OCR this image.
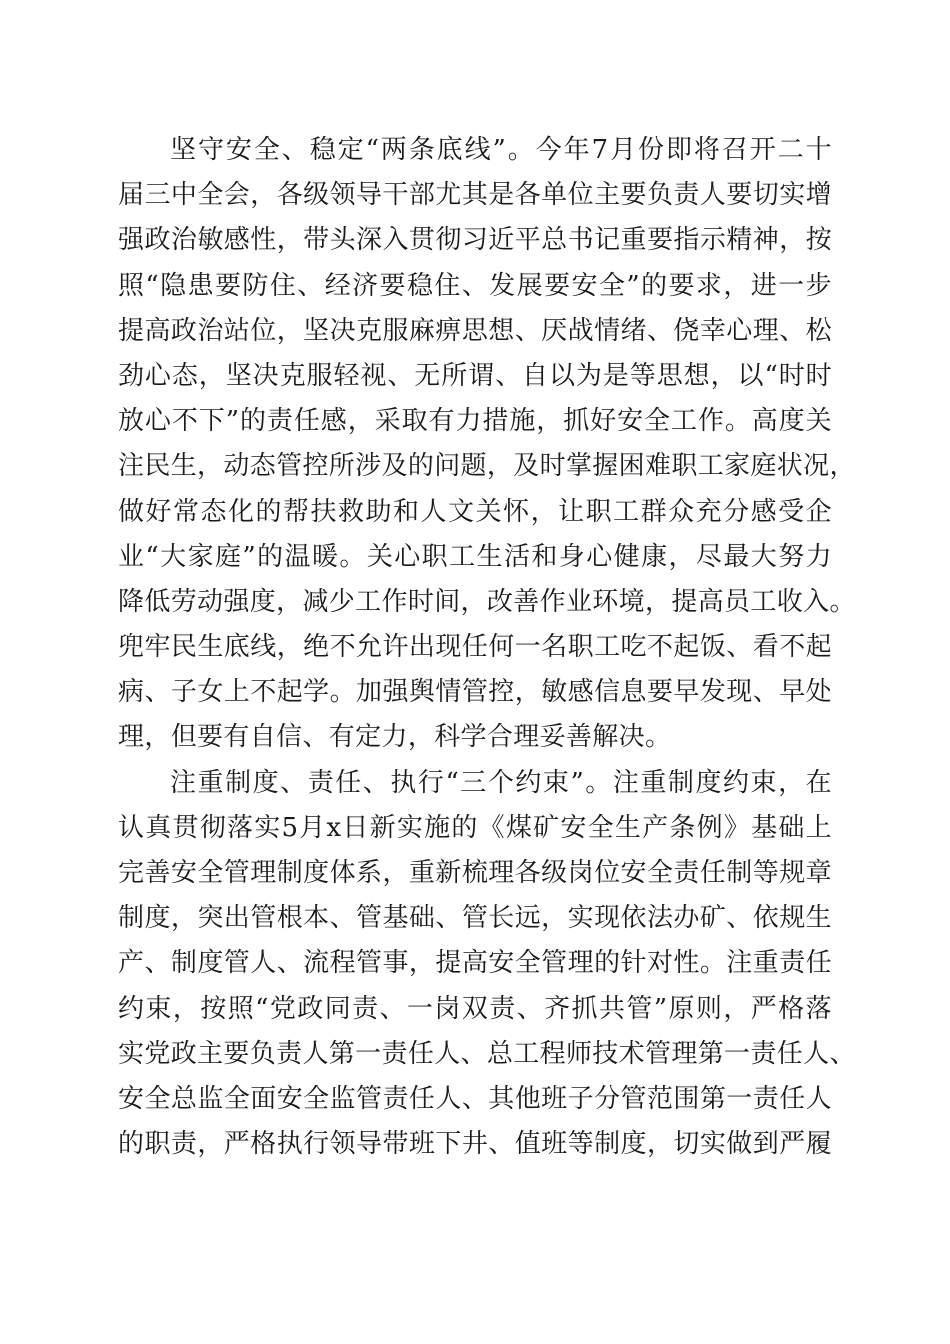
坚守安全、稳定“两条底线”。今年7月份即将召开二十
届三中全会，各级领导干部尤其是各单位主要负责人要切实增
强政治敏感性，带头深入贯彻习近平总书记重要指示精神，按
照“隐患要防住、经济要稳住、发展要安全”的要求，进一步
提高政治站位，坚决克服麻痹思想、厌战情绪、侥幸心理、松
劲心态，坚决克服轻视、无所谓、自以为是等思想，以“时时
放心不下”的责任感，采取有力措施，抓好安全工作。高度关
注民生，动态管控所涉及的问题，及时掌握困难职工家庭状况，
做好常态化的帮扶救助和人文关怀，让职工群众充分感受企
业“大家庭”的温暖。关心职工生活和身心健康，尽最大努力
降低劳动强度，减少工作时间，改善作业环境，提高员工收入。
兜牢民生底线，绝不允许出现任何一名职工吃不起饭、看不起
病、子女上不起学。加强舆情管控，敏感信息要早发现、早处
理，但要有自信、有定力，科学合理妥善解决。
注重制度、责任、执行“三个约束”。注重制度约束，在
认真贯彻落实5月x日新实施的《煤矿安全生产条例》基础上
完善安全管理制度体系，重新梳理各级岗位安全责任制等规章
制度，突出管根本、管基础、管长远，实现依法办矿、依规生
产、制度管人、流程管事，提高安全管理的针对性。注重责任
约束，按照“党政同责、一岗双责、齐抓共管”原则，严格落
实党政主要负责人第一责任人、总工程师技术管理第一责任人、
安全总监全面安全监管责任人、其他班子分管范围第一责任人
的职责，严格执行领导带班下井、值班等制度，切实做到严履
